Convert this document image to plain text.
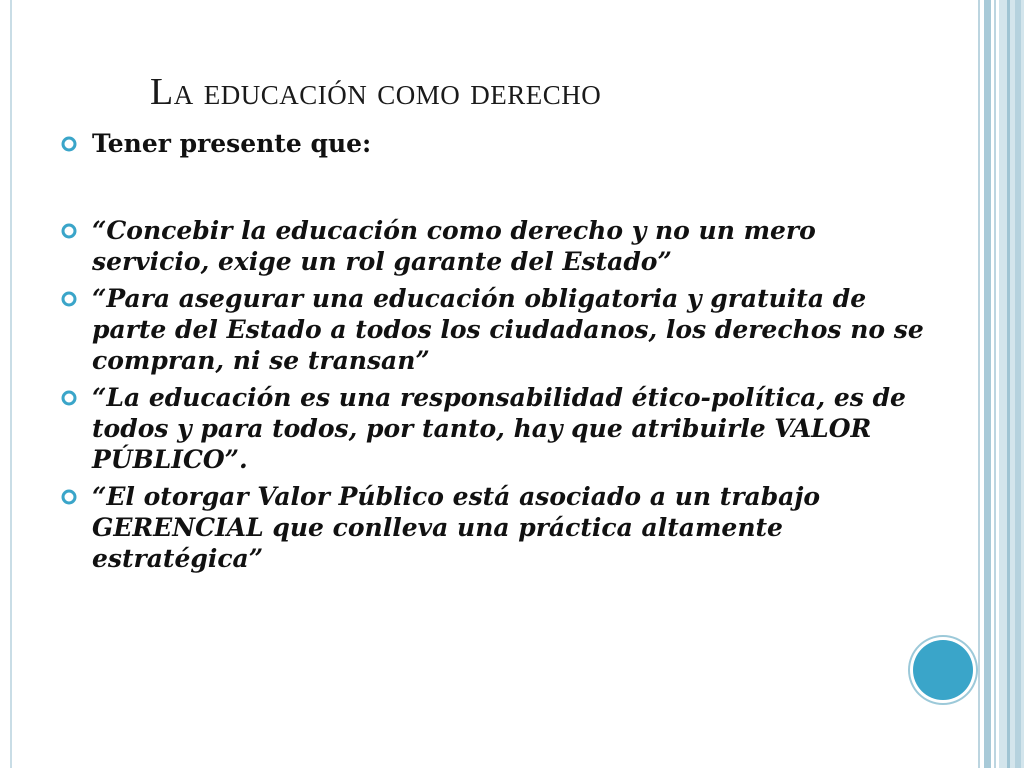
La educación como derecho
Tener presente que:
“Concebir la educación como derecho y no un mero servicio, exige un rol garante del Estado”
“Para asegurar una educación obligatoria y gratuita de parte del Estado a todos los ciudadanos, los derechos no se compran, ni se transan”
“La educación es una responsabilidad ético-política, es de todos y para todos, por tanto, hay que atribuirle VALOR PÚBLICO”.
“El otorgar Valor Público está asociado a un trabajo GERENCIAL que conlleva una práctica altamente estratégica”
